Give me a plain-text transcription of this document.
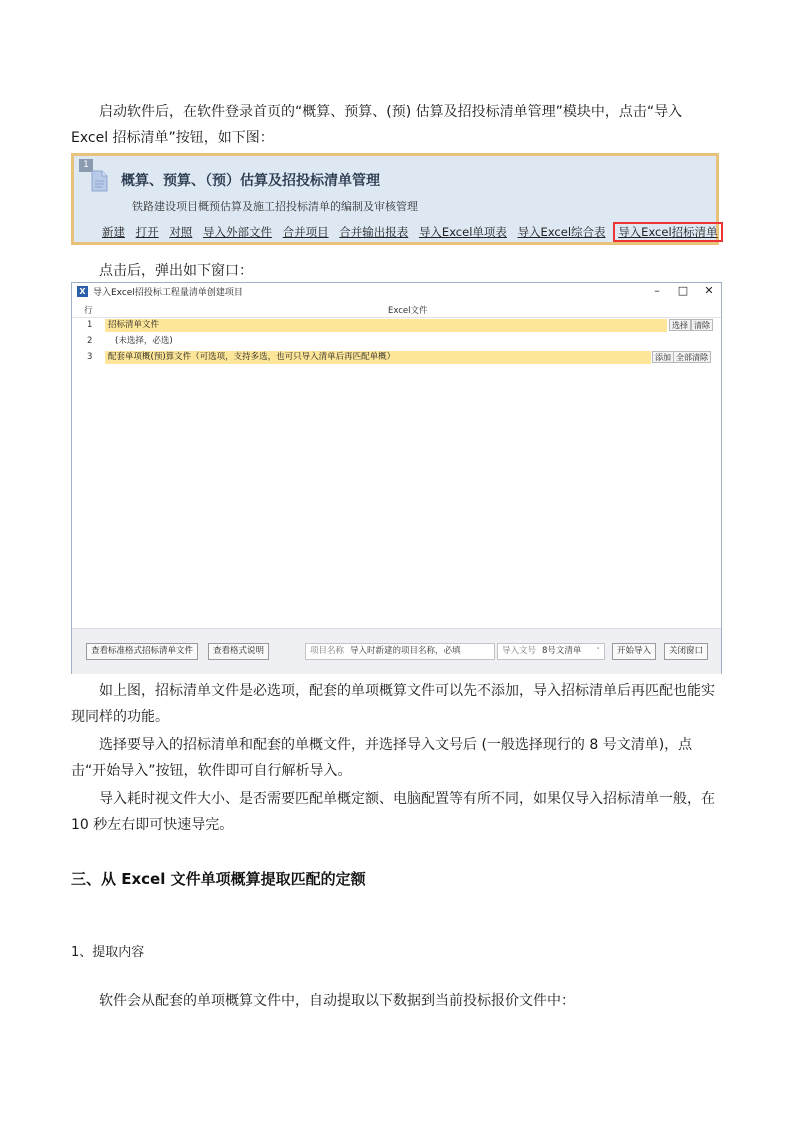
启动软件后，在软件登录首页的“概算、预算、(预) 估算及招投标清单管理”模块中，点击“导入 Excel 招标清单”按钮，如下图：

1
概算、预算、（预）估算及招投标清单管理
铁路建设项目概预估算及施工招投标清单的编制及审核管理
新建 打开 对照 导入外部文件 合并项目 合并输出报表 导入Excel单项表 导入Excel综合表 导入Excel招标清单

点击后，弹出如下窗口：

X 导入Excel招投标工程量清单创建项目	–	□	✕
行	Excel文件
1	招标清单文件	选择 清除
2	(未选择，必选)
3	配套单项概(预)算文件（可选项，支持多选，也可只导入清单后再匹配单概）	添加 全部清除
查看标准格式招标清单文件	查看格式说明	项目名称 导入时新建的项目名称，必填	导入文号 8号文清单 ˅	开始导入	关闭窗口

如上图，招标清单文件是必选项，配套的单项概算文件可以先不添加，导入招标清单后再匹配也能实现同样的功能。

选择要导入的招标清单和配套的单概文件，并选择导入文号后 (一般选择现行的 8 号文清单)，点击“开始导入”按钮，软件即可自行解析导入。

导入耗时视文件大小、是否需要匹配单概定额、电脑配置等有所不同，如果仅导入招标清单一般，在 10 秒左右即可快速导完。

三、从 Excel 文件单项概算提取匹配的定额

1、提取内容

软件会从配套的单项概算文件中，自动提取以下数据到当前投标报价文件中：
